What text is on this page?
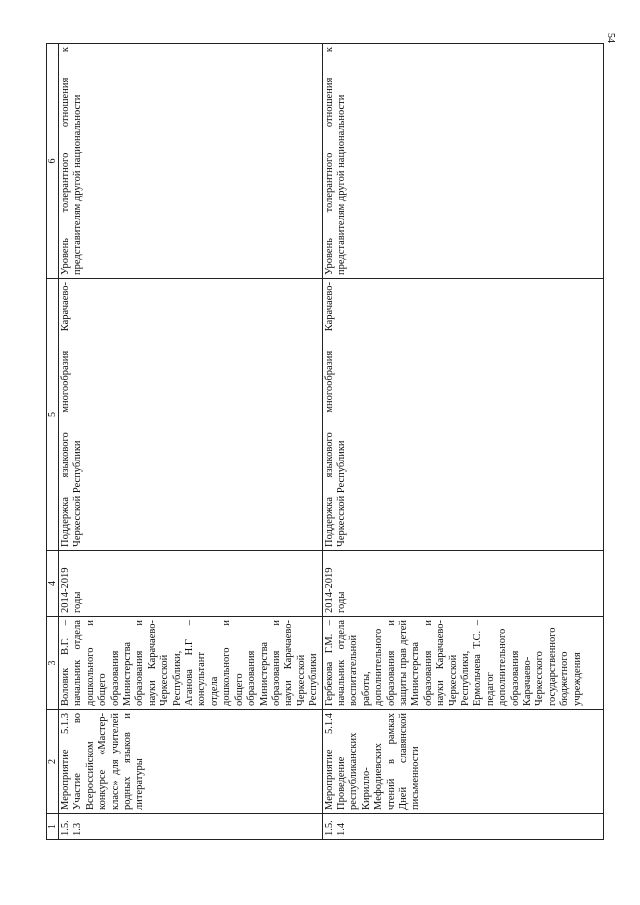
54
1	2	3	4	5	6
1.5.1.3	Мероприятие 5.1.3 Участие во Всероссийском конкурсе «Мастер-класс» для учителей родных языков и литературы	Воловик В.Г. – начальник отдела дошкольного и общего образования Министерства образования и науки Карачаево-Черкесской Республики, Аганова Н.Г – консультант отдела дошкольного и общего образования Министерства образования и науки Карачаево-Черкесской Республики	2014-2019 годы	Поддержка языкового многообразия Карачаево-Черкесской Республики	Уровень толерантного отношения к представителям другой национальности
1.5.1.4	Мероприятие 5.1.4 Проведение республиканских Кирилло-Мефодиевских чтений в рамках Дней славянской письменности	Гербекова Г.М. – начальник отдела воспитательной работы, дополнительного образования и защиты прав детей Министерства образования и науки Карачаево-Черкесской Республики, Ермольчева Т.С. – педагог дополнительного образования Карачаево-Черкесского государственного бюджетного учреждения	2014-2019 годы	Поддержка языкового многообразия Карачаево-Черкесской Республики	Уровень толерантного отношения к представителям другой национальности
